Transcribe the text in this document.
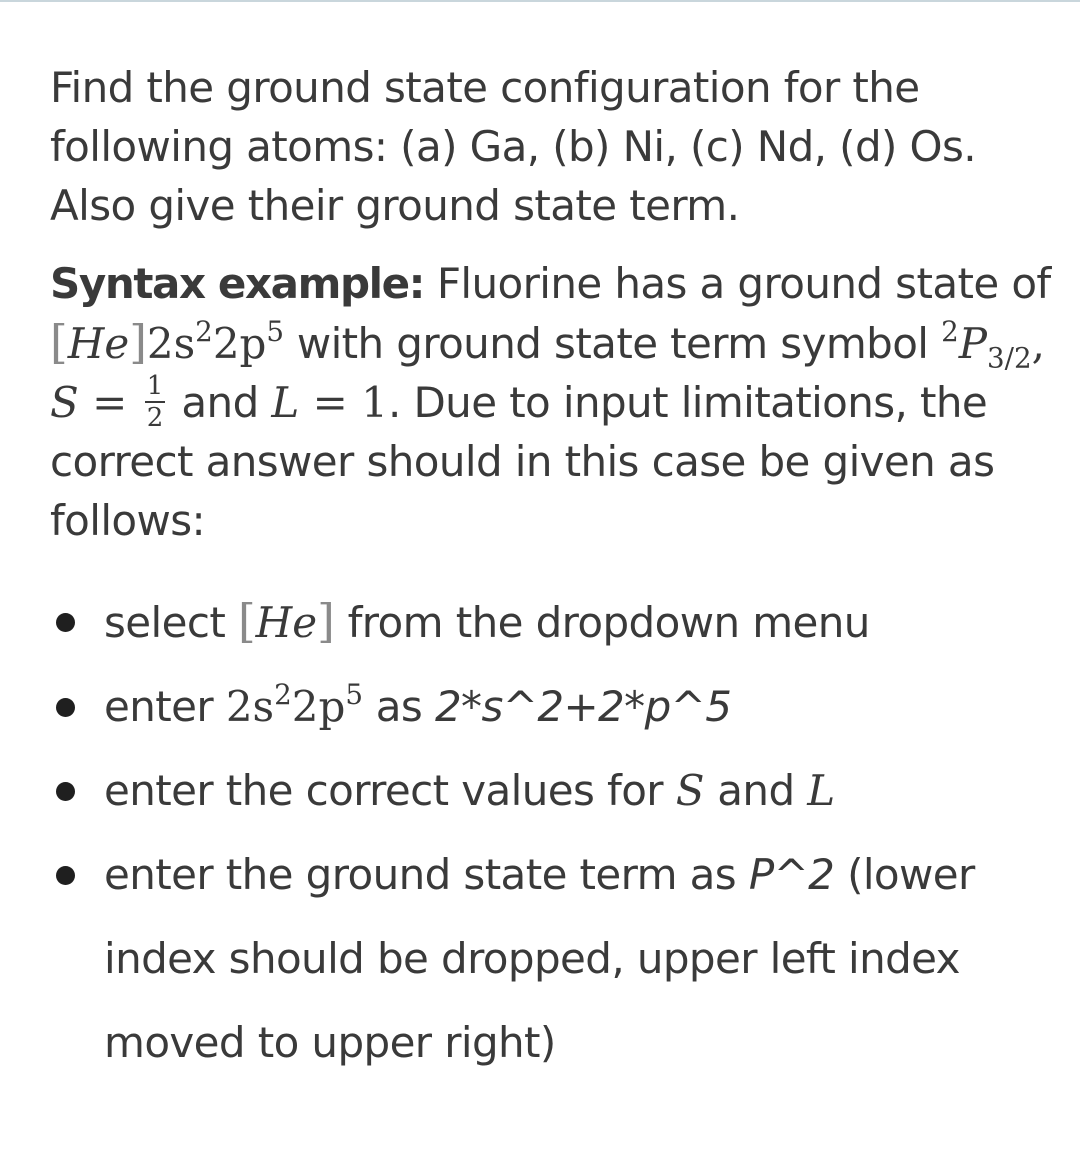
Find the ground state configuration for the following atoms: (a) Ga, (b) Ni, (c) Nd, (d) Os. Also give their ground state term.

Syntax example: Fluorine has a ground state of $[He]2s^22p^5$ with ground state term symbol $^2P_{3/2}$, $S = \frac{1}{2}$ and L = 1. Due to input limitations, the correct answer should in this case be given as follows:

select [He] from the dropdown menu
enter $2s^22p^5$ as 2*s^2+2*p^5
enter the correct values for S and L
enter the ground state term as P^2 (lower index should be dropped, upper left index moved to upper right)
